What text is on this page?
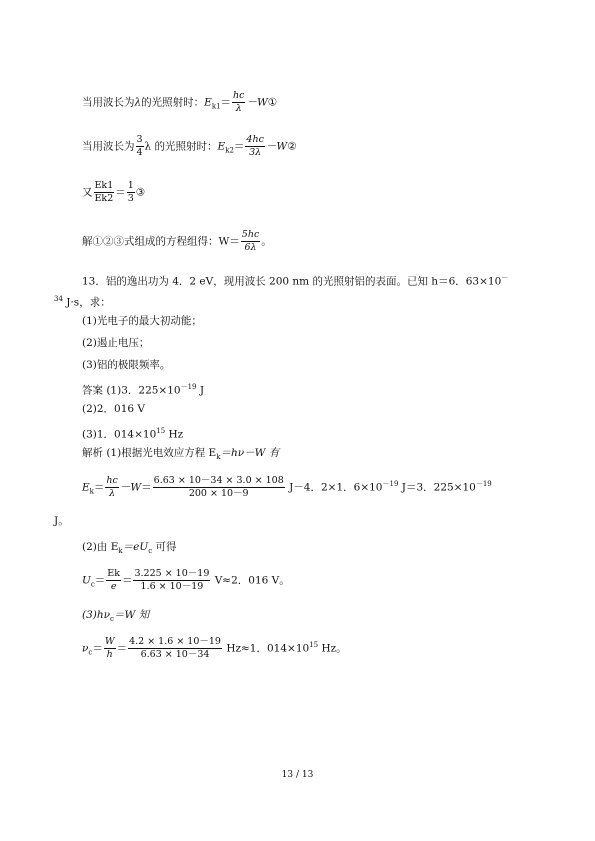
当用波长为λ的光照射时：$E_{k1}= \frac{hc}{\lambda}$ －W①
当用波长为 $\frac{3}{4}$ λ 的光照射时：$E_{k2}= \frac{4hc}{3\lambda}$ －W②
又 $\frac{Ek1}{Ek2} = \frac{1}{3}$ ③
解①②③式组成的方程组得：$W= \frac{5hc}{6\lambda}$ 。
13．铝的逸出功为 4．2 eV，现用波长 200 nm 的光照射铝的表面。已知 h＝6．63×10－
$^{34}$ J·s，求：
(1)光电子的最大初动能；
(2)遏止电压；
(3)铝的极限频率。
答案 (1)3．$225\times 10^{-19}$ J
(2)2．016 V
(3)1．$014\times 10^{15}$ Hz
解析 (1)根据光电效应方程 $E_k=h\nu-W$ 有
$E_k= \frac{hc}{\lambda} -W= \frac{6.63 \times 10-34 \times 3.0 \times 108}{200 \times 10-9} J-4$．2×1．$6\times 10^{-19}$ J＝3．$225\times 10^{-19}$
J。
(2)由 $E_k=eU_c$ 可得
$U_c= \frac{Ek}{e} = \frac{3.225 \times 10-19}{1.6 \times 10-19} V\approx 2$．016 V。
$(3)h\nu_c=W$ 知
$\nu_c= \frac{W}{h} = \frac{4.2 \times 1.6 \times 10-19}{6.63 \times 10-34} Hz\approx 1$．$014\times 10^{15}$ Hz。
13 / 13
